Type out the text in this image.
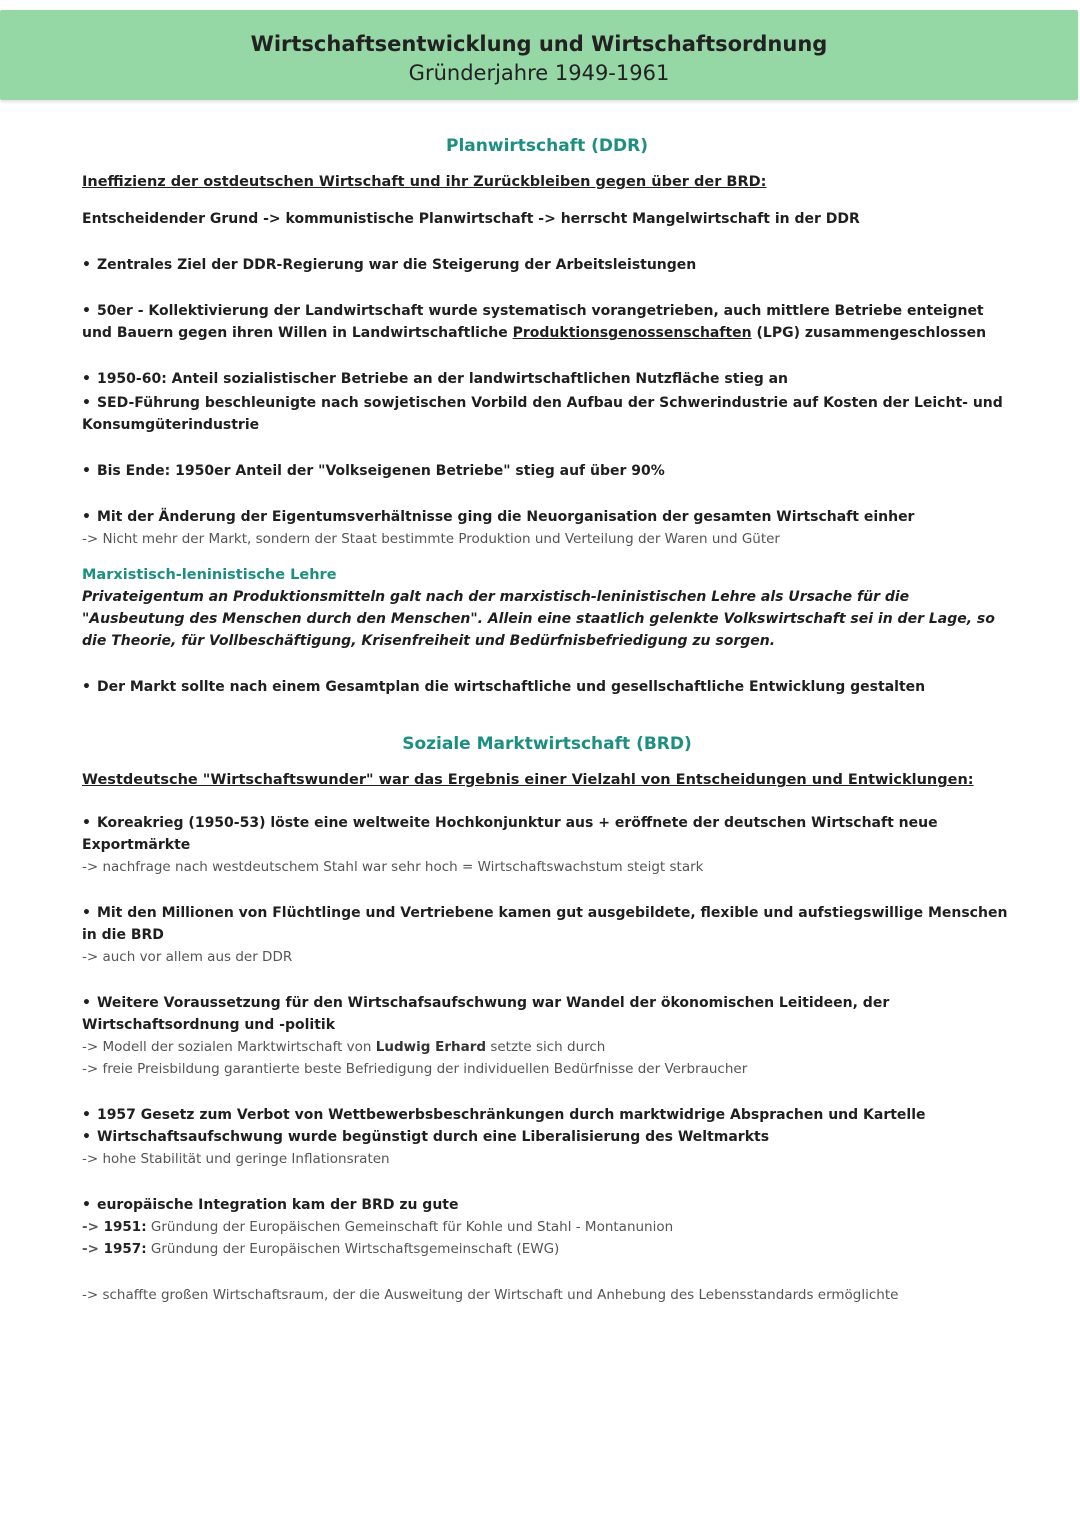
Wirtschaftsentwicklung und Wirtschaftsordnung
Gründerjahre 1949-1961
Planwirtschaft (DDR)
Ineffizienz der ostdeutschen Wirtschaft und ihr Zurückbleiben gegen über der BRD:
Entscheidender Grund -> kommunistische Planwirtschaft -> herrscht Mangelwirtschaft in der DDR
• Zentrales Ziel der DDR-Regierung war die Steigerung der Arbeitsleistungen
• 50er - Kollektivierung der Landwirtschaft wurde systematisch vorangetrieben, auch mittlere Betriebe enteignet und Bauern gegen ihren Willen in Landwirtschaftliche Produktionsgenossenschaften (LPG) zusammengeschlossen
• 1950-60: Anteil sozialistischer Betriebe an der landwirtschaftlichen Nutzfläche stieg an
• SED-Führung beschleunigte nach sowjetischen Vorbild den Aufbau der Schwerindustrie auf Kosten der Leicht- und Konsumgüterindustrie
• Bis Ende: 1950er Anteil der "Volkseigenen Betriebe" stieg auf über 90%
• Mit der Änderung der Eigentumsverhältnisse ging die Neuorganisation der gesamten Wirtschaft einher
-> Nicht mehr der Markt, sondern der Staat bestimmte Produktion und Verteilung der Waren und Güter
Marxistisch-leninistische Lehre
Privateigentum an Produktionsmitteln galt nach der marxistisch-leninistischen Lehre als Ursache für die "Ausbeutung des Menschen durch den Menschen". Allein eine staatlich gelenkte Volkswirtschaft sei in der Lage, so die Theorie, für Vollbeschäftigung, Krisenfreiheit und Bedürfnisbefriedigung zu sorgen.
• Der Markt sollte nach einem Gesamtplan die wirtschaftliche und gesellschaftliche Entwicklung gestalten
Soziale Marktwirtschaft (BRD)
Westdeutsche "Wirtschaftswunder" war das Ergebnis einer Vielzahl von Entscheidungen und Entwicklungen:
• Koreakrieg (1950-53) löste eine weltweite Hochkonjunktur aus + eröffnete der deutschen Wirtschaft neue Exportmärkte
-> nachfrage nach westdeutschem Stahl war sehr hoch = Wirtschaftswachstum steigt stark
• Mit den Millionen von Flüchtlinge und Vertriebene kamen gut ausgebildete, flexible und aufstiegswillige Menschen in die BRD
-> auch vor allem aus der DDR
• Weitere Voraussetzung für den Wirtschafsaufschwung war Wandel der ökonomischen Leitideen, der Wirtschaftsordnung und -politik
-> Modell der sozialen Marktwirtschaft von Ludwig Erhard setzte sich durch
-> freie Preisbildung garantierte beste Befriedigung der individuellen Bedürfnisse der Verbraucher
• 1957 Gesetz zum Verbot von Wettbewerbsbeschränkungen durch marktwidrige Absprachen und Kartelle
• Wirtschaftsaufschwung wurde begünstigt durch eine Liberalisierung des Weltmarkts
-> hohe Stabilität und geringe Inflationsraten
• europäische Integration kam der BRD zu gute
-> 1951: Gründung der Europäischen Gemeinschaft für Kohle und Stahl - Montanunion
-> 1957: Gründung der Europäischen Wirtschaftsgemeinschaft (EWG)
-> schaffte großen Wirtschaftsraum, der die Ausweitung der Wirtschaft und Anhebung des Lebensstandards ermöglichte
